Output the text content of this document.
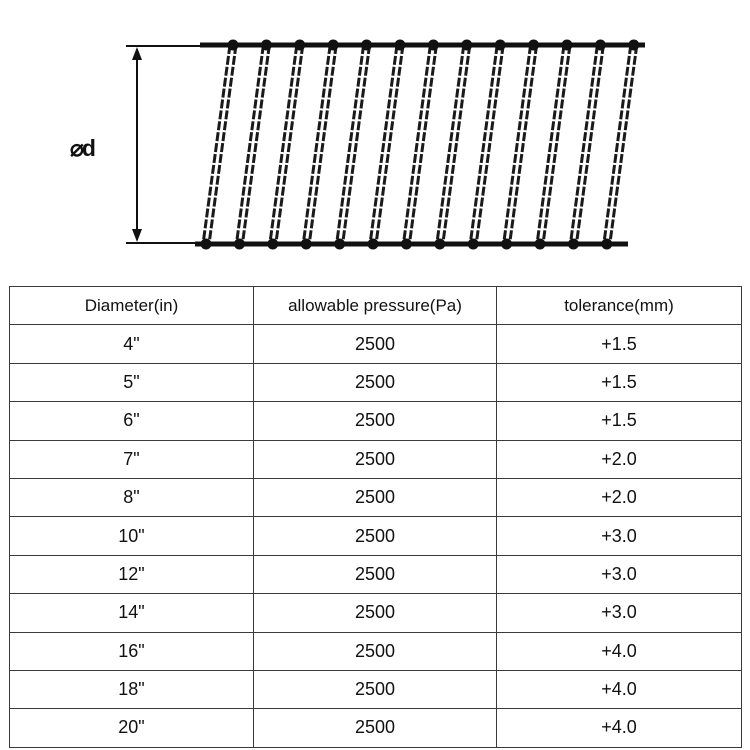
⌀d
Diameter(in)	allowable pressure(Pa)	tolerance(mm)
4"	2500	+1.5
5"	2500	+1.5
6"	2500	+1.5
7"	2500	+2.0
8"	2500	+2.0
10"	2500	+3.0
12"	2500	+3.0
14"	2500	+3.0
16"	2500	+4.0
18"	2500	+4.0
20"	2500	+4.0
